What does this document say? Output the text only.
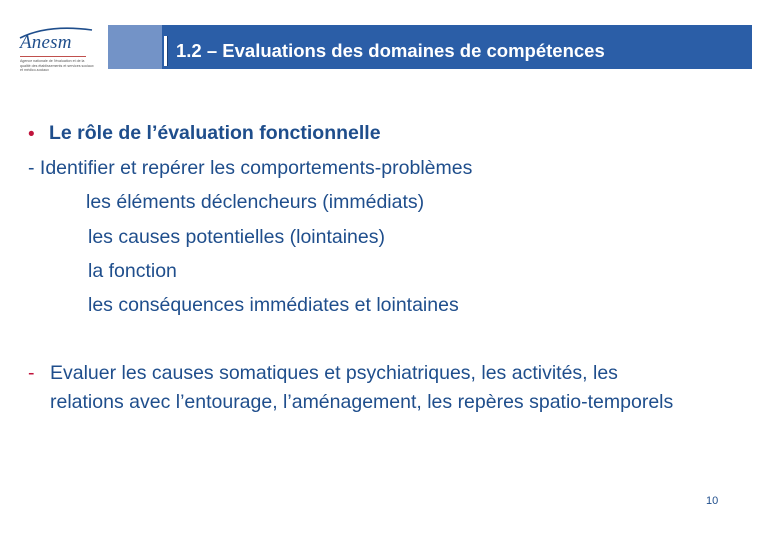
Anesm
Agence nationale de l'évaluation et de la qualité des établissements et services sociaux et médico-sociaux
1.2 – Evaluations des domaines de compétences
• Le rôle de l’évaluation fonctionnelle
- Identifier et repérer les comportements-problèmes
les éléments déclencheurs (immédiats)
les causes potentielles (lointaines)
la fonction
les conséquences immédiates et lointaines
- Evaluer les causes somatiques et psychiatriques, les activités, les
relations avec l’entourage, l’aménagement, les repères spatio-temporels
10
